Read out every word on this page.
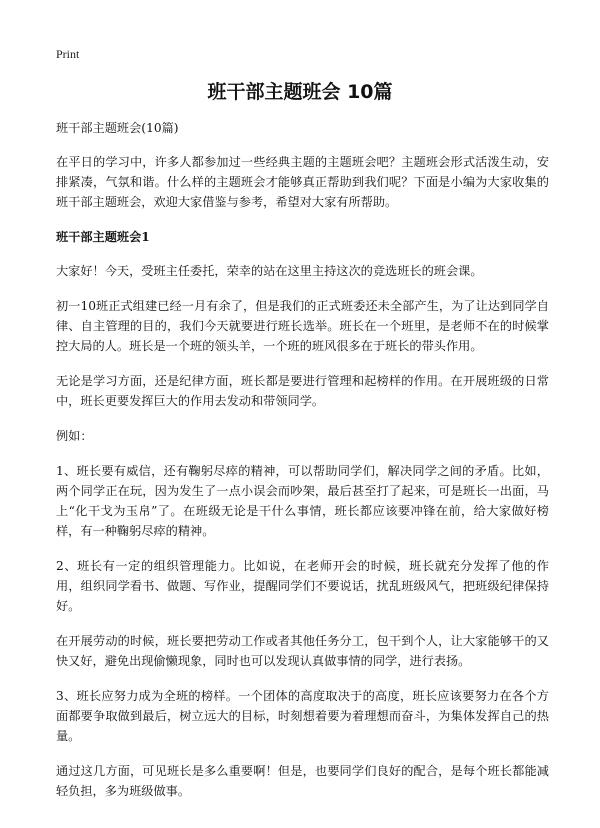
Print
班干部主题班会 10篇

班干部主题班会(10篇)

在平日的学习中，许多人都参加过一些经典主题的主题班会吧？主题班会形式活泼生动，安排紧凑，气氛和谐。什么样的主题班会才能够真正帮助到我们呢？下面是小编为大家收集的班干部主题班会，欢迎大家借鉴与参考，希望对大家有所帮助。

班干部主题班会1

大家好！今天，受班主任委托，荣幸的站在这里主持这次的竞选班长的班会课。

初一10班正式组建已经一月有余了，但是我们的正式班委还未全部产生，为了让达到同学自律、自主管理的目的，我们今天就要进行班长选举。班长在一个班里，是老师不在的时候掌控大局的人。班长是一个班的领头羊，一个班的班风很多在于班长的带头作用。

无论是学习方面，还是纪律方面，班长都是要进行管理和起榜样的作用。在开展班级的日常中，班长更要发挥巨大的作用去发动和带领同学。

例如：

1、班长要有威信，还有鞠躬尽瘁的精神，可以帮助同学们，解决同学之间的矛盾。比如，两个同学正在玩，因为发生了一点小误会而吵架，最后甚至打了起来，可是班长一出面，马上“化干戈为玉帛”了。在班级无论是干什么事情，班长都应该要冲锋在前，给大家做好榜样，有一种鞠躬尽瘁的精神。

2、班长有一定的组织管理能力。比如说，在老师开会的时候，班长就充分发挥了他的作用，组织同学看书、做题、写作业，提醒同学们不要说话，扰乱班级风气，把班级纪律保持好。

在开展劳动的时候，班长要把劳动工作或者其他任务分工，包干到个人，让大家能够干的又快又好，避免出现偷懒现象，同时也可以发现认真做事情的同学，进行表扬。

3、班长应努力成为全班的榜样。一个团体的高度取决于的高度，班长应该要努力在各个方面都要争取做到最后，树立远大的目标，时刻想着要为着理想而奋斗，为集体发挥自己的热量。

通过这几方面，可见班长是多么重要啊！但是，也要同学们良好的配合，是每个班长都能减轻负担，多为班级做事。
